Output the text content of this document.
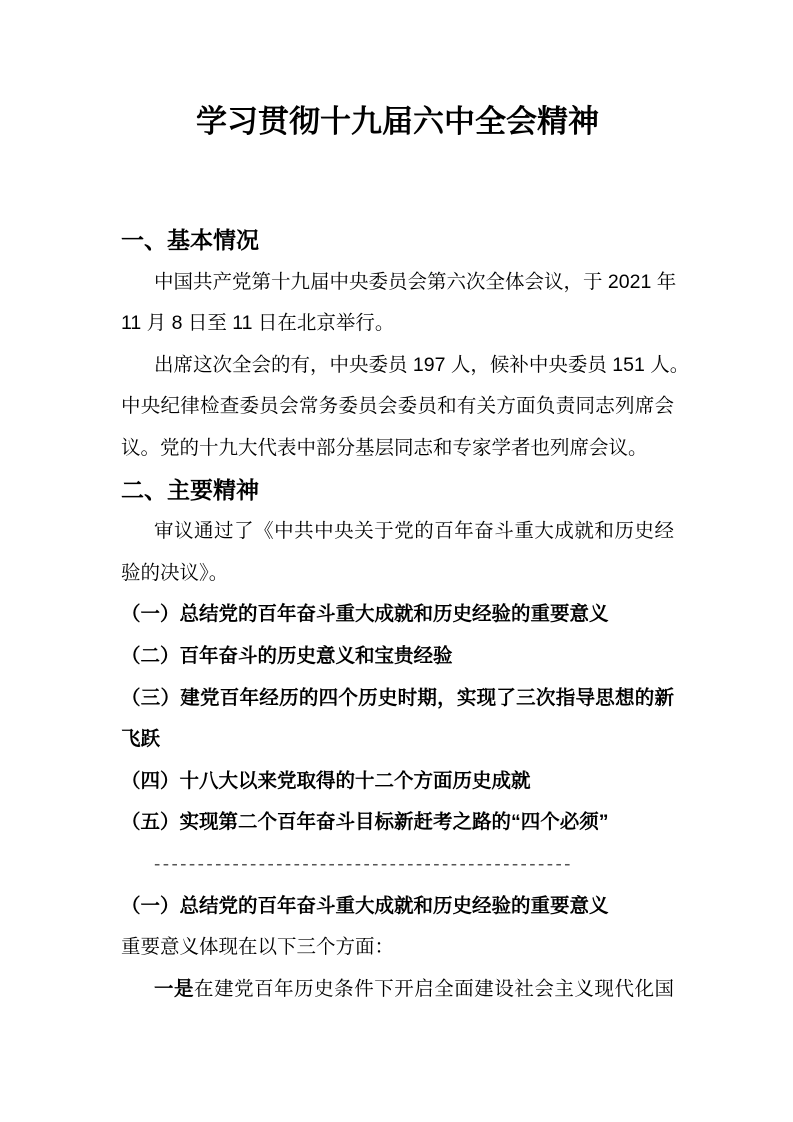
学习贯彻十九届六中全会精神
一、基本情况
中国共产党第十九届中央委员会第六次全体会议，于 2021 年
11 月 8 日至 11 日在北京举行。
出席这次全会的有，中央委员 197 人，候补中央委员 151 人。
中央纪律检查委员会常务委员会委员和有关方面负责同志列席会
议。党的十九大代表中部分基层同志和专家学者也列席会议。
二、主要精神
审议通过了《中共中央关于党的百年奋斗重大成就和历史经
验的决议》。
（一）总结党的百年奋斗重大成就和历史经验的重要意义
（二）百年奋斗的历史意义和宝贵经验
（三）建党百年经历的四个历史时期，实现了三次指导思想的新
飞跃
（四）十八大以来党取得的十二个方面历史成就
（五）实现第二个百年奋斗目标新赶考之路的“四个必须”
------------------------------------------------
（一）总结党的百年奋斗重大成就和历史经验的重要意义
重要意义体现在以下三个方面：
一是在建党百年历史条件下开启全面建设社会主义现代化国
